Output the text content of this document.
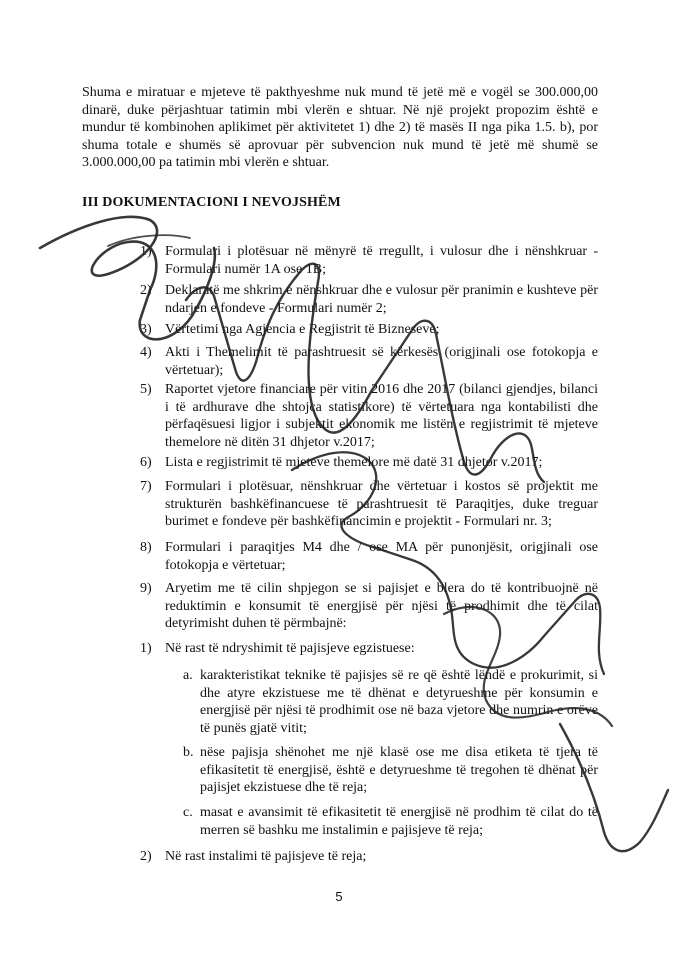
Shuma e miratuar e mjeteve të pakthyeshme nuk mund të jetë më e vogël se 300.000,00 dinarë, duke përjashtuar tatimin mbi vlerën e shtuar. Në një projekt propozim është e mundur të kombinohen aplikimet për aktivitetet 1) dhe 2) të masës II nga pika 1.5. b), por shuma totale e shumës së aprovuar për subvencion nuk mund të jetë më shumë se 3.000.000,00 pa tatimin mbi vlerën e shtuar.

III DOKUMENTACIONI I NEVOJSHËM

1) Formulari i plotësuar në mënyrë të rregullt, i vulosur dhe i nënshkruar - Formulari numër 1A ose 1B;

2) Deklaratë me shkrim e nënshkruar dhe e vulosur për pranimin e kushteve për ndarjen e fondeve - Formulari numër 2;

3) Vërtetimi nga Agjencia e Regjistrit të Bizneseve;

4) Akti i Themelimit të parashtruesit së kërkesës (origjinali ose fotokopja e vërtetuar);

5) Raportet vjetore financiare për vitin 2016 dhe 2017 (bilanci gjendjes, bilanci i të ardhurave dhe shtojca statistikore) të vërtetuara nga kontabilisti dhe përfaqësuesi ligjor i subjektit ekonomik me listën e regjistrimit të mjeteve themelore në ditën 31 dhjetor v.2017;

6) Lista e regjistrimit të mjeteve themelore më datë 31 dhjetor v.2017;

7) Formulari i plotësuar, nënshkruar dhe vërtetuar i kostos së projektit me strukturën bashkëfinancuese të parashtruesit të Paraqitjes, duke treguar burimet e fondeve për bashkëfinancimin e projektit - Formulari nr. 3;

8) Formulari i paraqitjes M4 dhe / ose MA për punonjësit, origjinali ose fotokopja e vërtetuar;

9) Aryetim me të cilin shpjegon se si pajisjet e blera do të kontribuojnë në reduktimin e konsumit të energjisë për njësi të prodhimit dhe të cilat detyrimisht duhen të përmbajnë:

1) Në rast të ndryshimit të pajisjeve egzistuese:

a. karakteristikat teknike të pajisjes së re që është lëndë e prokurimit, si dhe atyre ekzistuese me të dhënat e detyrueshme për konsumin e energjisë për njësi të prodhimit ose në baza vjetore dhe numrin e orëve të punës gjatë vitit;

b. nëse pajisja shënohet me një klasë ose me disa etiketa të tjera të efikasitetit të energjisë, është e detyrueshme të tregohen të dhënat për pajisjet ekzistuese dhe të reja;

c. masat e avansimit të efikasitetit të energjisë në prodhim të cilat do të merren së bashku me instalimin e pajisjeve të reja;

2) Në rast instalimi të pajisjeve të reja;

5
